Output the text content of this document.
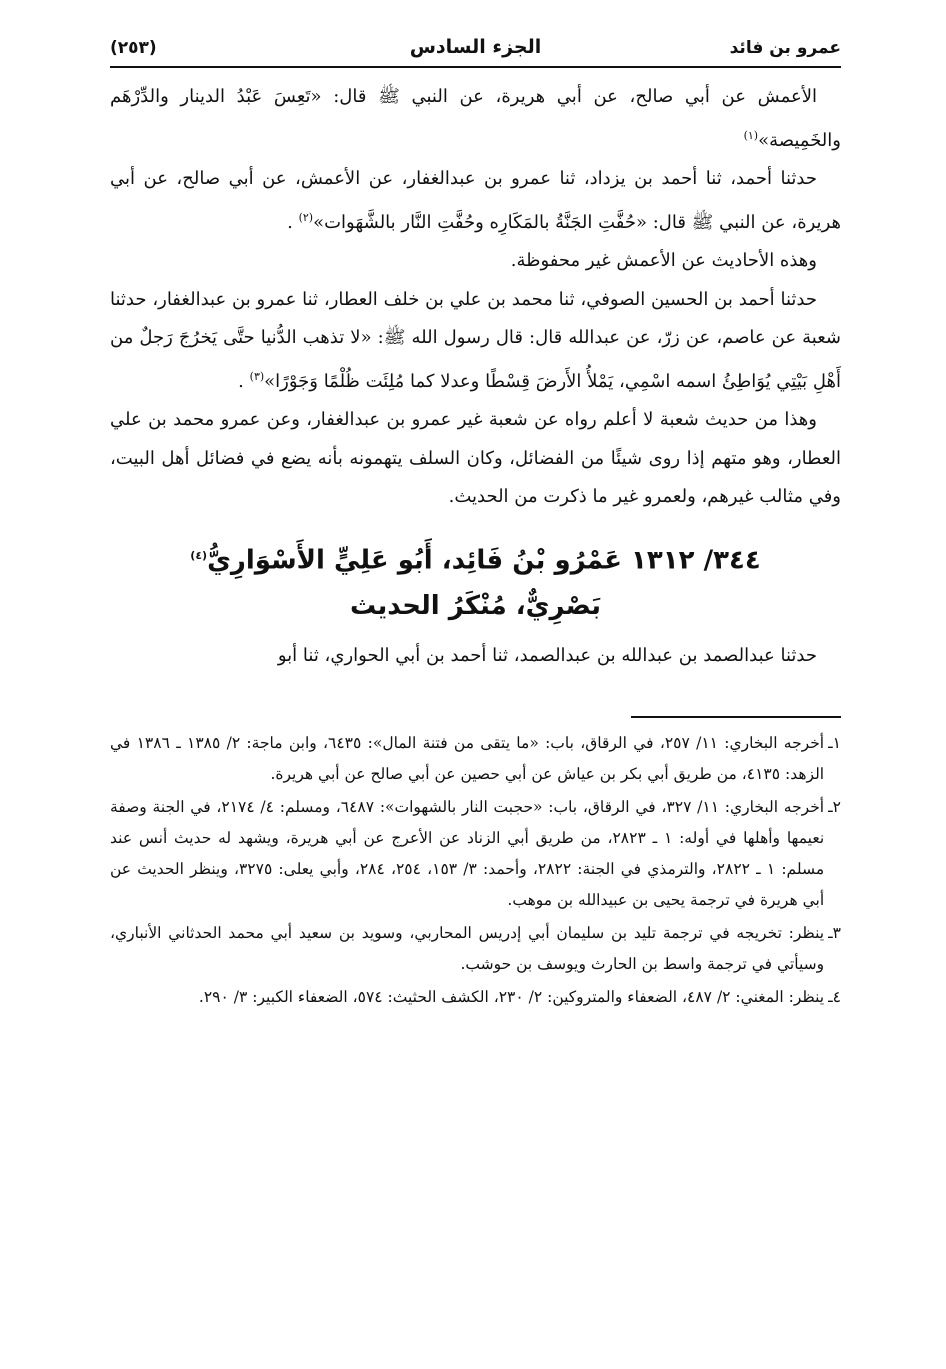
عمرو بن فائد
الجزء السادس
(٢٥٣)

الأعمش عن أبي صالح، عن أبي هريرة، عن النبي ﷺ قال: «تَعِسَ عَبْدُ الدينار والدِّرْهَم والخَمِيصة»$^{(١)}$

حدثنا أحمد، ثنا أحمد بن يزداد، ثنا عمرو بن عبدالغفار، عن الأعمش، عن أبي صالح، عن أبي هريرة، عن النبي ﷺ قال: «حُفَّتِ الجَنَّةُ بالمَكَارِه وحُفَّتِ النَّار بالشَّهَوات»$^{(٢)}$ .

وهذه الأحاديث عن الأعمش غير محفوظة.

حدثنا أحمد بن الحسين الصوفي، ثنا محمد بن علي بن خلف العطار، ثنا عمرو بن عبدالغفار، حدثنا شعبة عن عاصم، عن زرّ، عن عبدالله قال: قال رسول الله ﷺ: «لا تذهب الدُّنيا حتَّى يَخرُجَ رَجلٌ من أَهْلِ بَيْتِي يُوَاطِئُ اسمه اسْمِي، يَمْلأُ الأَرضَ قِسْطًا وعدلا كما مُلِئَت ظُلْمًا وَجَوْرًا»$^{(٣)}$ .

وهذا من حديث شعبة لا أعلم رواه عن شعبة غير عمرو بن عبدالغفار، وعن عمرو محمد بن علي العطار، وهو متهم إذا روى شيئًا من الفضائل، وكان السلف يتهمونه بأنه يضع في فضائل أهل البيت، وفي مثالب غيرهم، ولعمرو غير ما ذكرت من الحديث.

٣٤٤/ ١٣١٢ عَمْرُو بْنُ فَائِد، أَبُو عَلِيٍّ الأَسْوَارِيُّ$^{(٤)}$
بَصْرِيٌّ، مُنْكَرُ الحديث
حدثنا عبدالصمد بن عبدالله بن عبدالصمد، ثنا أحمد بن أبي الحواري، ثنا أبو
١ـ
أخرجه البخاري: ١١/ ٢٥٧، في الرقاق، باب: «ما يتقى من فتنة المال»: ٦٤٣٥، وابن ماجة: ٢/ ١٣٨٥ ـ ١٣٨٦ في الزهد: ٤١٣٥، من طريق أبي بكر بن عياش عن أبي حصين عن أبي صالح عن أبي هريرة.
٢ـ
أخرجه البخاري: ١١/ ٣٢٧، في الرقاق، باب: «حجبت النار بالشهوات»: ٦٤٨٧، ومسلم: ٤/ ٢١٧٤، في الجنة وصفة نعيمها وأهلها في أوله: ١ ـ ٢٨٢٣، من طريق أبي الزناد عن الأعرج عن أبي هريرة، ويشهد له حديث أنس عند مسلم: ١ ـ ٢٨٢٢، والترمذي في الجنة: ٢٨٢٢، وأحمد: ٣/ ١٥٣، ٢٥٤، ٢٨٤، وأبي يعلى: ٣٢٧٥، وينظر الحديث عن أبي هريرة في ترجمة يحيى بن عبيدالله بن موهب.
٣ـ
ينظر: تخريجه في ترجمة تليد بن سليمان أبي إدريس المحاربي، وسويد بن سعيد أبي محمد الحدثاني الأنباري، وسيأتي في ترجمة واسط بن الحارث ويوسف بن حوشب.
٤ـ
ينظر: المغني: ٢/ ٤٨٧، الضعفاء والمتروكين: ٢/ ٢٣٠، الكشف الحثيث: ٥٧٤، الضعفاء الكبير: ٣/ ٢٩٠.
